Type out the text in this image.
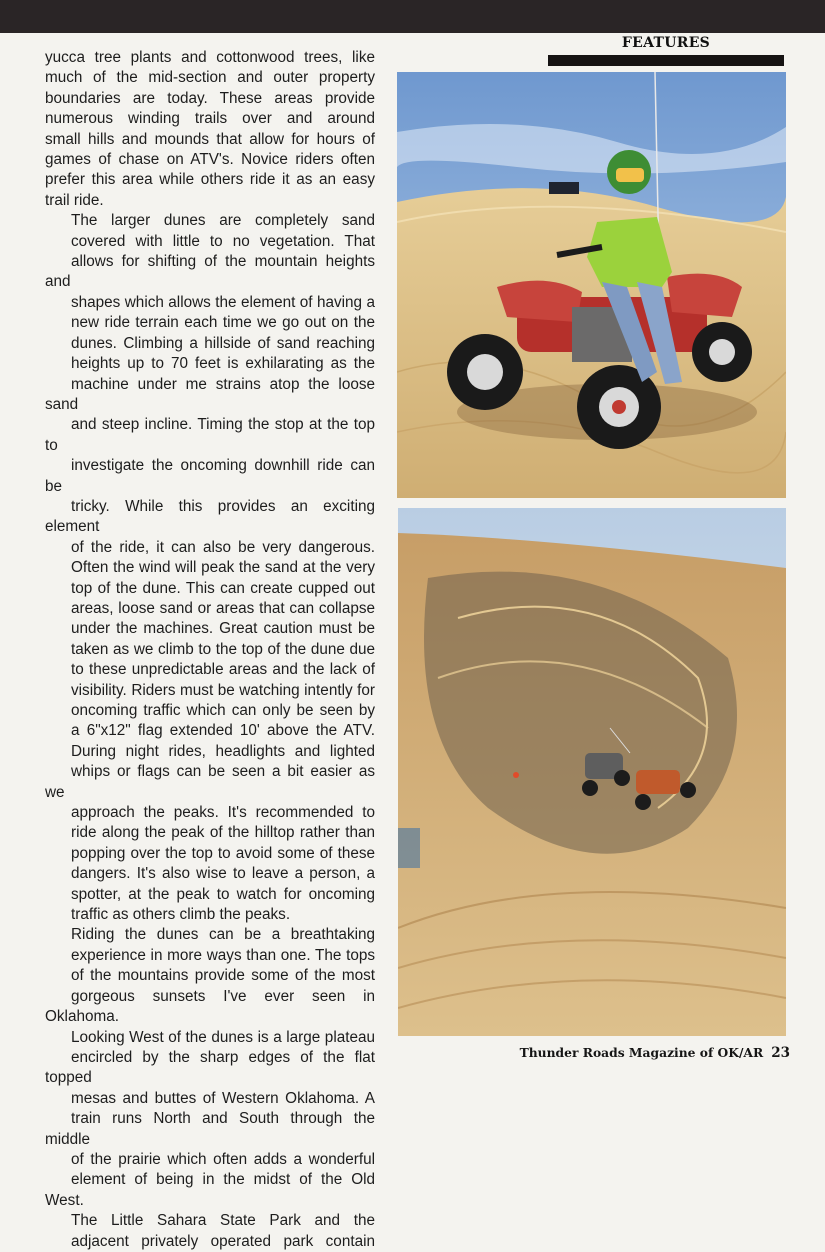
FEATURES

yucca tree plants and cottonwood trees, like
much of the mid-section and outer property
boundaries are today. These areas provide
numerous winding trails over and around
small hills and mounds that allow for hours of
games of chase on ATV's. Novice riders often
prefer this area while others ride it as an easy
trail ride.

The larger dunes are completely sand
covered with little to no vegetation. That
allows for shifting of the mountain heights and
shapes which allows the element of having a
new ride terrain each time we go out on the
dunes. Climbing a hillside of sand reaching
heights up to 70 feet is exhilarating as the
machine under me strains atop the loose sand
and steep incline. Timing the stop at the top to
investigate the oncoming downhill ride can be
tricky. While this provides an exciting element
of the ride, it can also be very dangerous.
Often the wind will peak the sand at the very
top of the dune. This can create cupped out
areas, loose sand or areas that can collapse
under the machines. Great caution must be
taken as we climb to the top of the dune due
to these unpredictable areas and the lack of
visibility. Riders must be watching intently for
oncoming traffic which can only be seen by
a 6"x12" flag extended 10' above the ATV.
During night rides, headlights and lighted
whips or flags can be seen a bit easier as we
approach the peaks. It's recommended to
ride along the peak of the hilltop rather than
popping over the top to avoid some of these
dangers. It's also wise to leave a person, a
spotter, at the peak to watch for oncoming
traffic as others climb the peaks.

Riding the dunes can be a breathtaking
experience in more ways than one. The tops
of the mountains provide some of the most
gorgeous sunsets I've ever seen in Oklahoma.
Looking West of the dunes is a large plateau
encircled by the sharp edges of the flat topped
mesas and buttes of Western Oklahoma. A
train runs North and South through the middle
of the prairie which often adds a wonderful
element of being in the midst of the Old West.

The Little Sahara State Park and the
adjacent privately operated park contain

Thunder Roads Magazine of OK/AR 23
